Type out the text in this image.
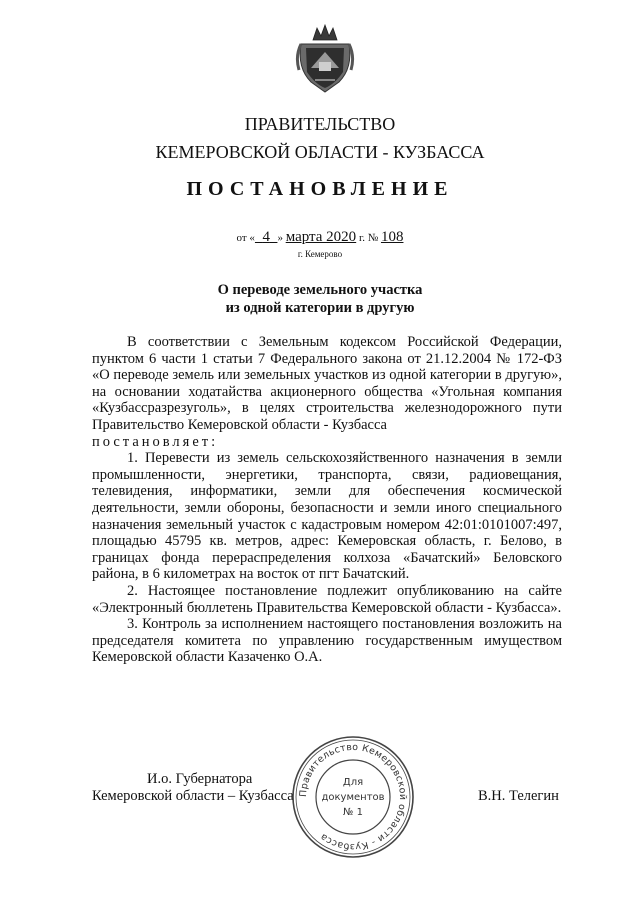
ПРАВИТЕЛЬСТВО
КЕМЕРОВСКОЙ ОБЛАСТИ - КУЗБАССА
ПОСТАНОВЛЕНИЕ
от « 4 » марта 2020 г. № 108
г. Кемерово
О переводе земельного участка
из одной категории в другую

В соответствии с Земельным кодексом Российской Федерации, пунктом 6 части 1 статьи 7 Федерального закона от 21.12.2004 № 172-ФЗ «О переводе земель или земельных участков из одной категории в другую», на основании ходатайства акционерного общества «Угольная компания «Кузбассразрезуголь», в целях строительства железнодорожного пути Правительство Кемеровской области - Кузбасса

постановляет:

1. Перевести из земель сельскохозяйственного назначения в земли промышленности, энергетики, транспорта, связи, радиовещания, телевидения, информатики, земли для обеспечения космической деятельности, земли обороны, безопасности и земли иного специального назначения земельный участок с кадастровым номером 42:01:0101007:497, площадью 45795 кв. метров, адрес: Кемеровская область, г. Белово, в границах фонда перераспределения колхоза «Бачатский» Беловского района, в 6 километрах на восток от пгт Бачатский.

2. Настоящее постановление подлежит опубликованию на сайте «Электронный бюллетень Правительства Кемеровской области - Кузбасса».

3. Контроль за исполнением настоящего постановления возложить на председателя комитета по управлению государственным имуществом Кемеровской области Казаченко О.А.

И.о. Губернатора
Кемеровской области – Кузбасса	В.Н. Телегин
Правительство Кемеровской области - Кузбасса
Для
документов
№ 1
